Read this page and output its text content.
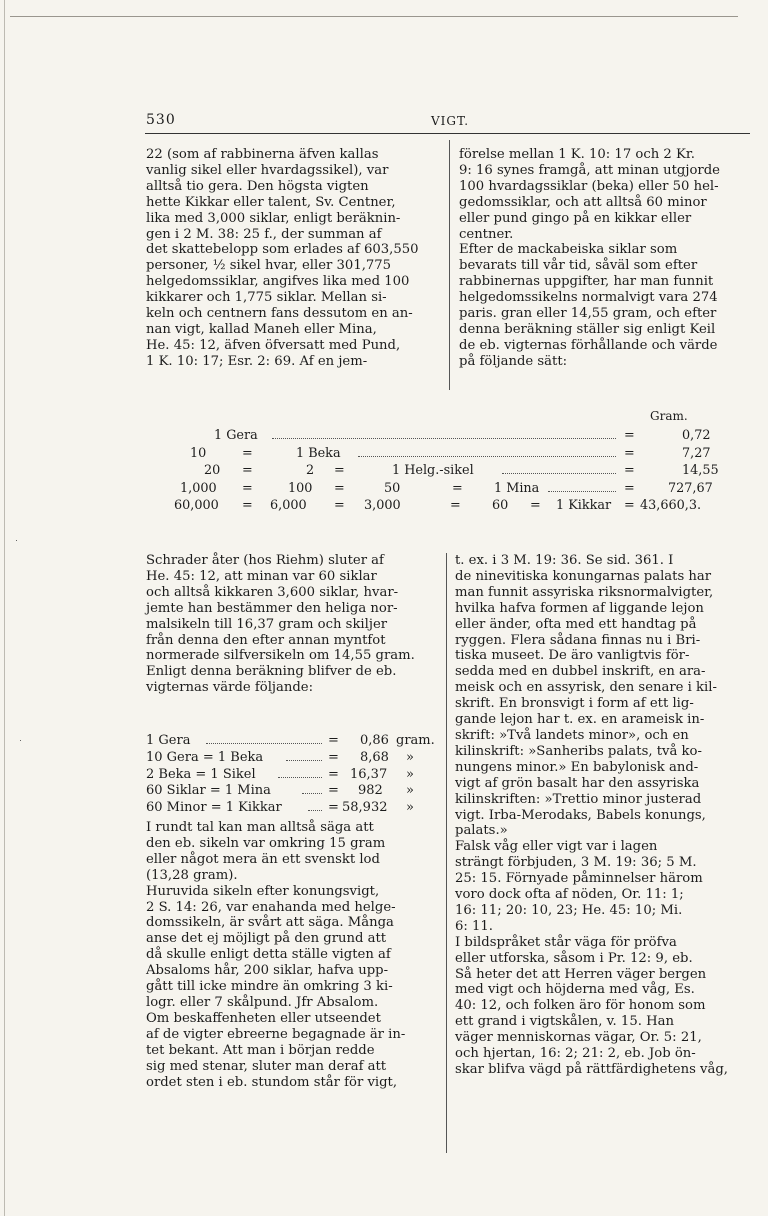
530	VIGT.

22 (som af rabbinerna äfven kallas
vanlig sikel eller hvardagssikel), var
alltså tio gera. Den högsta vigten
hette Kikkar eller talent, Sv. Centner,
lika med 3,000 siklar, enligt beräknin-
gen i 2 M. 38: 25 f., der summan af
det skattebelopp som erlades af 603,550
personer, ½ sikel hvar, eller 301,775
helgedomssiklar, angifves lika med 100
kikkarer och 1,775 siklar. Mellan si-
keln och centnern fans dessutom en an-
nan vigt, kallad Maneh eller Mina,
He. 45: 12, äfven öfversatt med Pund,
1 K. 10: 17; Esr. 2: 69. Af en jem-

förelse mellan 1 K. 10: 17 och 2 Kr.
9: 16 synes framgå, att minan utgjorde
100 hvardagssiklar (beka) eller 50 hel-
gedomssiklar, och att alltså 60 minor
eller pund gingo på en kikkar eller
centner.
Efter de mackabeiska siklar som
bevarats till vår tid, såväl som efter
rabbinernas uppgifter, har man funnit
helgedomssikelns normalvigt vara 274
paris. gran eller 14,55 gram, och efter
denna beräkning ställer sig enligt Keil
de eb. vigternas förhållande och värde
på följande sätt:

Gram.
1 Gera	=	0,72
10	=	1 Beka	=	7,27
20 =	2 =	1 Helg.-sikel	=	14,55
1,000 =	100 =	50	= 1 Mina	=	727,67
60,000 = 6,000 = 3,000	= 60 = 1 Kikkar = 43,660,3.

Schrader åter (hos Riehm) sluter af
He. 45: 12, att minan var 60 siklar
och alltså kikkaren 3,600 siklar, hvar-
jemte han bestämmer den heliga nor-
malsikeln till 16,37 gram och skiljer
från denna den efter annan myntfot
normerade silfversikeln om 14,55 gram.
Enligt denna beräkning blifver de eb.
vigternas värde följande:

1 Gera	= 0,86 gram.
10 Gera = 1 Beka	= 8,68 »
2 Beka = 1 Sikel	= 16,37 »
60 Siklar = 1 Mina	= 982 »
60 Minor = 1 Kikkar	= 58,932 »

I rundt tal kan man alltså säga att
den eb. sikeln var omkring 15 gram
eller något mera än ett svenskt lod
(13,28 gram).
Huruvida sikeln efter konungsvigt,
2 S. 14: 26, var enahanda med helge-
domssikeln, är svårt att säga. Många
anse det ej möjligt på den grund att
då skulle enligt detta ställe vigten af
Absaloms hår, 200 siklar, hafva upp-
gått till icke mindre än omkring 3 ki-
logr. eller 7 skålpund. Jfr Absalom.
Om beskaffenheten eller utseendet
af de vigter ebreerne begagnade är in-
tet bekant. Att man i början redde
sig med stenar, sluter man deraf att
ordet sten i eb. stundom står för vigt,

t. ex. i 3 M. 19: 36. Se sid. 361. I
de ninevitiska konungarnas palats har
man funnit assyriska riksnormalvigter,
hvilka hafva formen af liggande lejon
eller änder, ofta med ett handtag på
ryggen. Flera sådana finnas nu i Bri-
tiska museet. De äro vanligtvis för-
sedda med en dubbel inskrift, en ara-
meisk och en assyrisk, den senare i kil-
skrift. En bronsvigt i form af ett lig-
gande lejon har t. ex. en arameisk in-
skrift: »Två landets minor», och en
kilinskrift: »Sanheribs palats, två ko-
nungens minor.» En babylonisk and-
vigt af grön basalt har den assyriska
kilinskriften: »Trettio minor justerad
vigt. Irba-Merodaks, Babels konungs,
palats.»
Falsk våg eller vigt var i lagen
strängt förbjuden, 3 M. 19: 36; 5 M.
25: 15. Förnyade påminnelser härom
voro dock ofta af nöden, Or. 11: 1;
16: 11; 20: 10, 23; He. 45: 10; Mi.
6: 11.
I bildspråket står väga för pröfva
eller utforska, såsom i Pr. 12: 9, eb.
Så heter det att Herren väger bergen
med vigt och höjderna med våg, Es.
40: 12, och folken äro för honom som
ett grand i vigtskålen, v. 15. Han
väger menniskornas vägar, Or. 5: 21,
och hjertan, 16: 2; 21: 2, eb. Job ön-
skar blifva vägd på rättfärdighetens våg,
